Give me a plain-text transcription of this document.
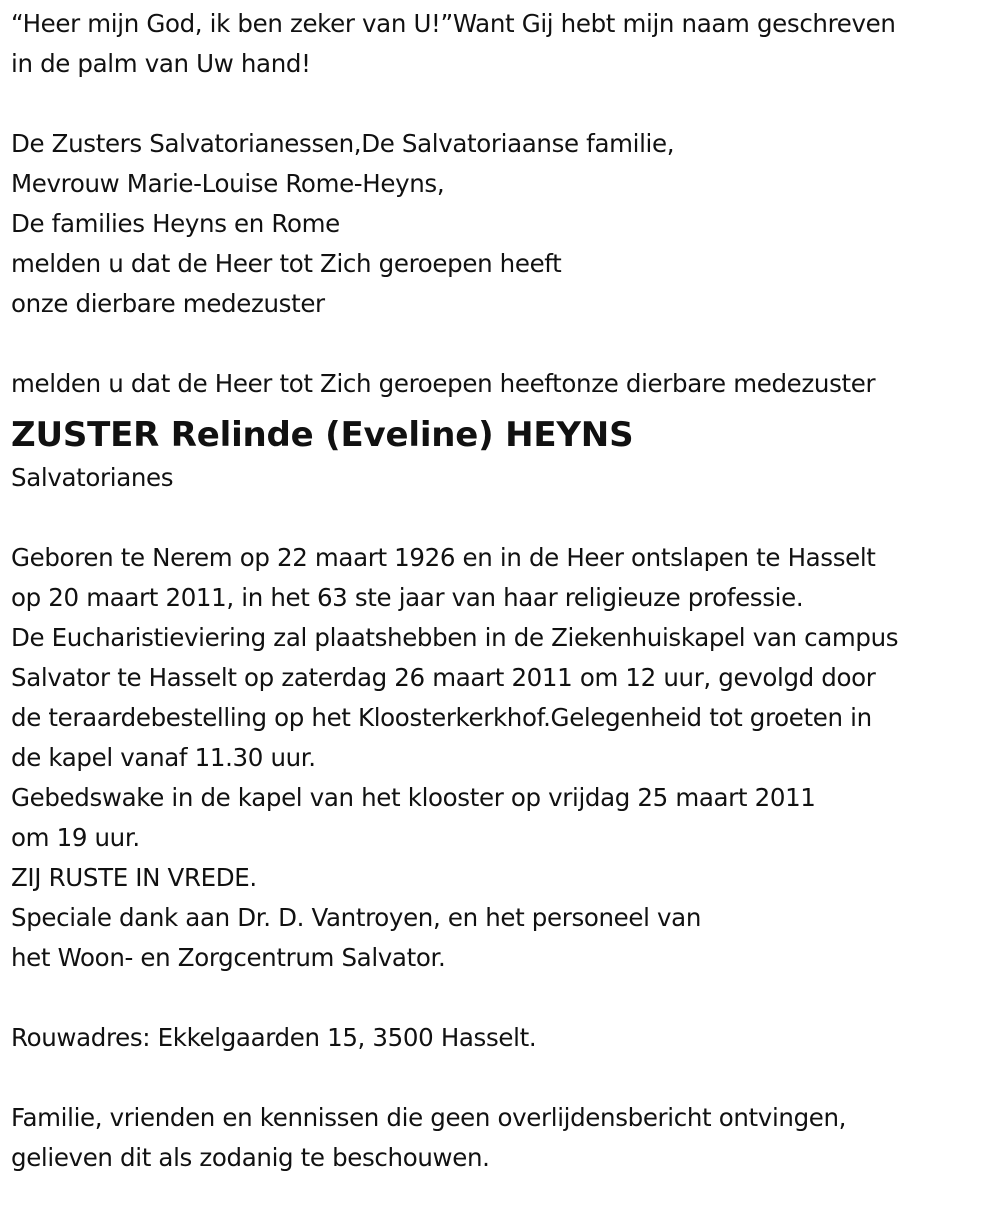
“Heer mijn God, ik ben zeker van U!”Want Gij hebt mijn naam geschreven
in de palm van Uw hand!
De Zusters Salvatorianessen,De Salvatoriaanse familie,
Mevrouw Marie-Louise Rome-Heyns,
De families Heyns en Rome
melden u dat de Heer tot Zich geroepen heeft
onze dierbare medezuster
melden u dat de Heer tot Zich geroepen heeftonze dierbare medezuster
ZUSTER Relinde (Eveline) HEYNS
Salvatorianes
Geboren te Nerem op 22 maart 1926 en in de Heer ontslapen te Hasselt
op 20 maart 2011, in het 63 ste jaar van haar religieuze professie.
De Eucharistieviering zal plaatshebben in de Ziekenhuiskapel van campus
Salvator te Hasselt op zaterdag 26 maart 2011 om 12 uur, gevolgd door
de teraardebestelling op het Kloosterkerkhof.Gelegenheid tot groeten in
de kapel vanaf 11.30 uur.
Gebedswake in de kapel van het klooster op vrijdag 25 maart 2011
om 19 uur.
ZIJ RUSTE IN VREDE.
Speciale dank aan Dr. D. Vantroyen, en het personeel van
het Woon- en Zorgcentrum Salvator.
Rouwadres: Ekkelgaarden 15, 3500 Hasselt.
Familie, vrienden en kennissen die geen overlijdensbericht ontvingen,
gelieven dit als zodanig te beschouwen.
